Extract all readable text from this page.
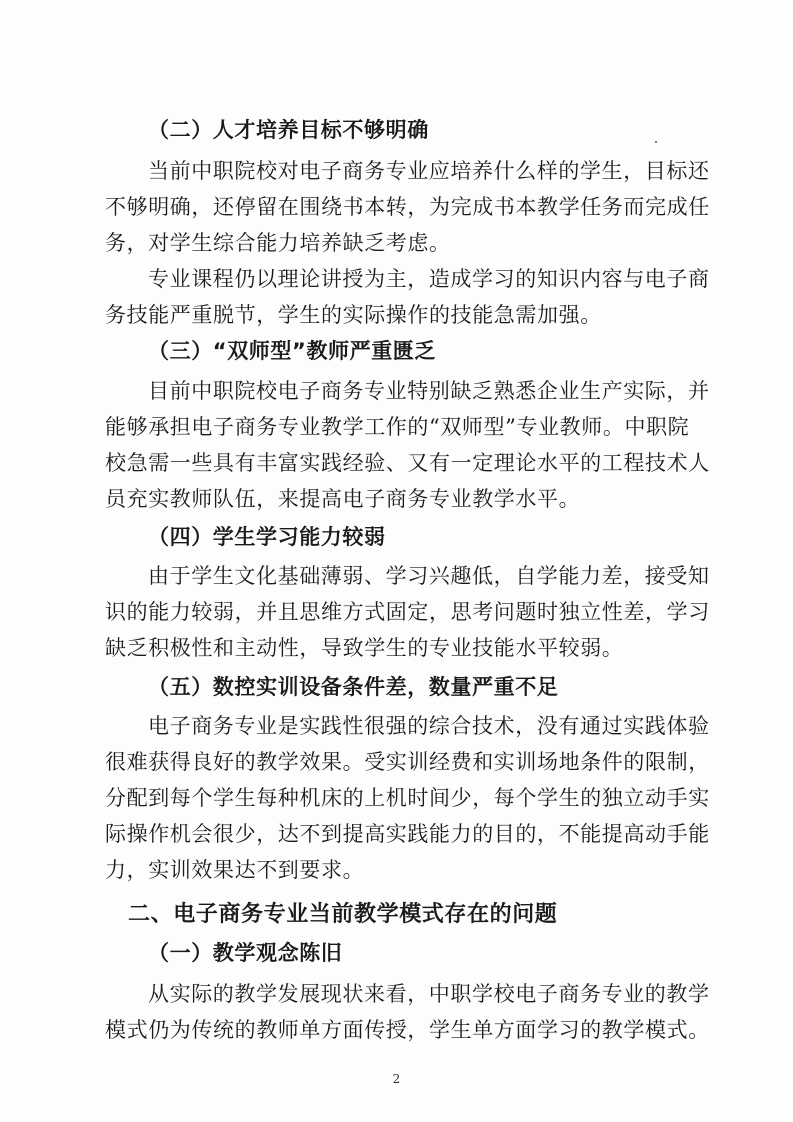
（二）人才培养目标不够明确
当前中职院校对电子商务专业应培养什么样的学生，目标还
不够明确，还停留在围绕书本转，为完成书本教学任务而完成任
务，对学生综合能力培养缺乏考虑。
专业课程仍以理论讲授为主，造成学习的知识内容与电子商
务技能严重脱节，学生的实际操作的技能急需加强。
（三）“双师型”教师严重匮乏
目前中职院校电子商务专业特别缺乏熟悉企业生产实际，并
能够承担电子商务专业教学工作的“双师型”专业教师。中职院
校急需一些具有丰富实践经验、又有一定理论水平的工程技术人
员充实教师队伍，来提高电子商务专业教学水平。
（四）学生学习能力较弱
由于学生文化基础薄弱、学习兴趣低，自学能力差，接受知
识的能力较弱，并且思维方式固定，思考问题时独立性差，学习
缺乏积极性和主动性，导致学生的专业技能水平较弱。
（五）数控实训设备条件差，数量严重不足
电子商务专业是实践性很强的综合技术，没有通过实践体验
很难获得良好的教学效果。受实训经费和实训场地条件的限制，
分配到每个学生每种机床的上机时间少，每个学生的独立动手实
际操作机会很少，达不到提高实践能力的目的，不能提高动手能
力，实训效果达不到要求。
二、电子商务专业当前教学模式存在的问题
（一）教学观念陈旧
从实际的教学发展现状来看，中职学校电子商务专业的教学
模式仍为传统的教师单方面传授，学生单方面学习的教学模式。
2
